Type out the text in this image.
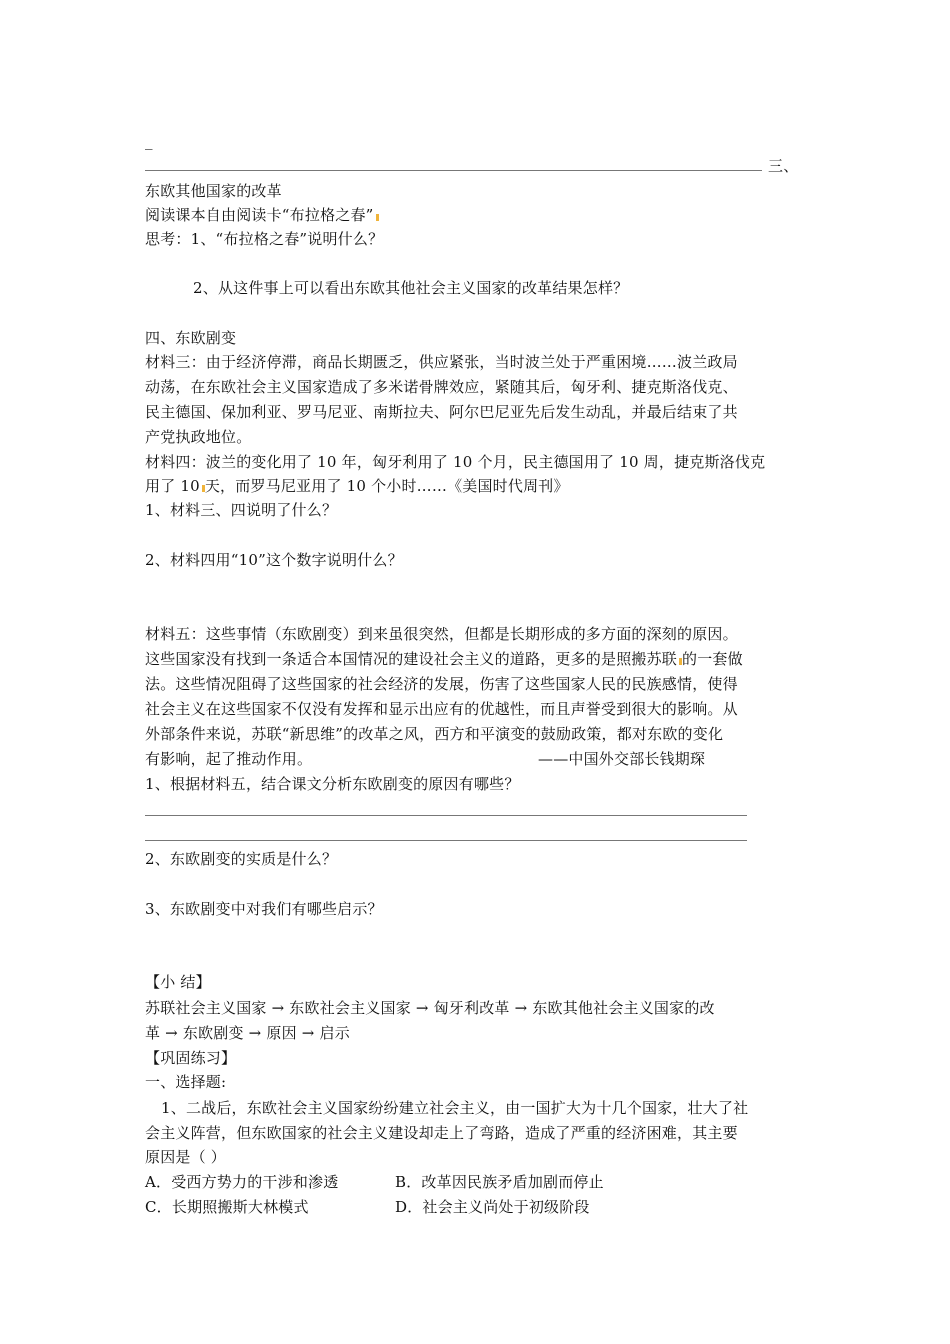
_
三、
东欧其他国家的改革
阅读课本自由阅读卡“布拉格之春”
思考：1、“布拉格之春”说明什么？
2、从这件事上可以看出东欧其他社会主义国家的改革结果怎样？
四、东欧剧变
材料三：由于经济停滞，商品长期匮乏，供应紧张，当时波兰处于严重困境……波兰政局
动荡，在东欧社会主义国家造成了多米诺骨牌效应，紧随其后，匈牙利、捷克斯洛伐克、
民主德国、保加利亚、罗马尼亚、南斯拉夫、阿尔巴尼亚先后发生动乱，并最后结束了共
产党执政地位。
材料四：波兰的变化用了 10 年，匈牙利用了 10 个月，民主德国用了 10 周，捷克斯洛伐克
用了 10 天，而罗马尼亚用了 10 个小时……《美国时代周刊》
1、材料三、四说明了什么？
2、材料四用“10”这个数字说明什么？
材料五：这些事情（东欧剧变）到来虽很突然，但都是长期形成的多方面的深刻的原因。
这些国家没有找到一条适合本国情况的建设社会主义的道路，更多的是照搬苏联 的一套做
法。这些情况阻碍了这些国家的社会经济的发展，伤害了这些国家人民的民族感情，使得
社会主义在这些国家不仅没有发挥和显示出应有的优越性，而且声誉受到很大的影响。从
外部条件来说，苏联“新思维”的改革之风，西方和平演变的鼓励政策，都对东欧的变化
有影响，起了推动作用。	——中国外交部长钱期琛
1、根据材料五，结合课文分析东欧剧变的原因有哪些？
2、东欧剧变的实质是什么？
3、东欧剧变中对我们有哪些启示？
【小 结】
苏联社会主义国家 → 东欧社会主义国家 → 匈牙利改革 → 东欧其他社会主义国家的改
革 → 东欧剧变 → 原因 → 启示
【巩固练习】
一、选择题:
1、二战后，东欧社会主义国家纷纷建立社会主义，由一国扩大为十几个国家，壮大了社
会主义阵营，但东欧国家的社会主义建设却走上了弯路，造成了严重的经济困难，其主要
原因是（ ）
A．受西方势力的干涉和渗透	B．改革因民族矛盾加剧而停止
C．长期照搬斯大林模式	D．社会主义尚处于初级阶段
